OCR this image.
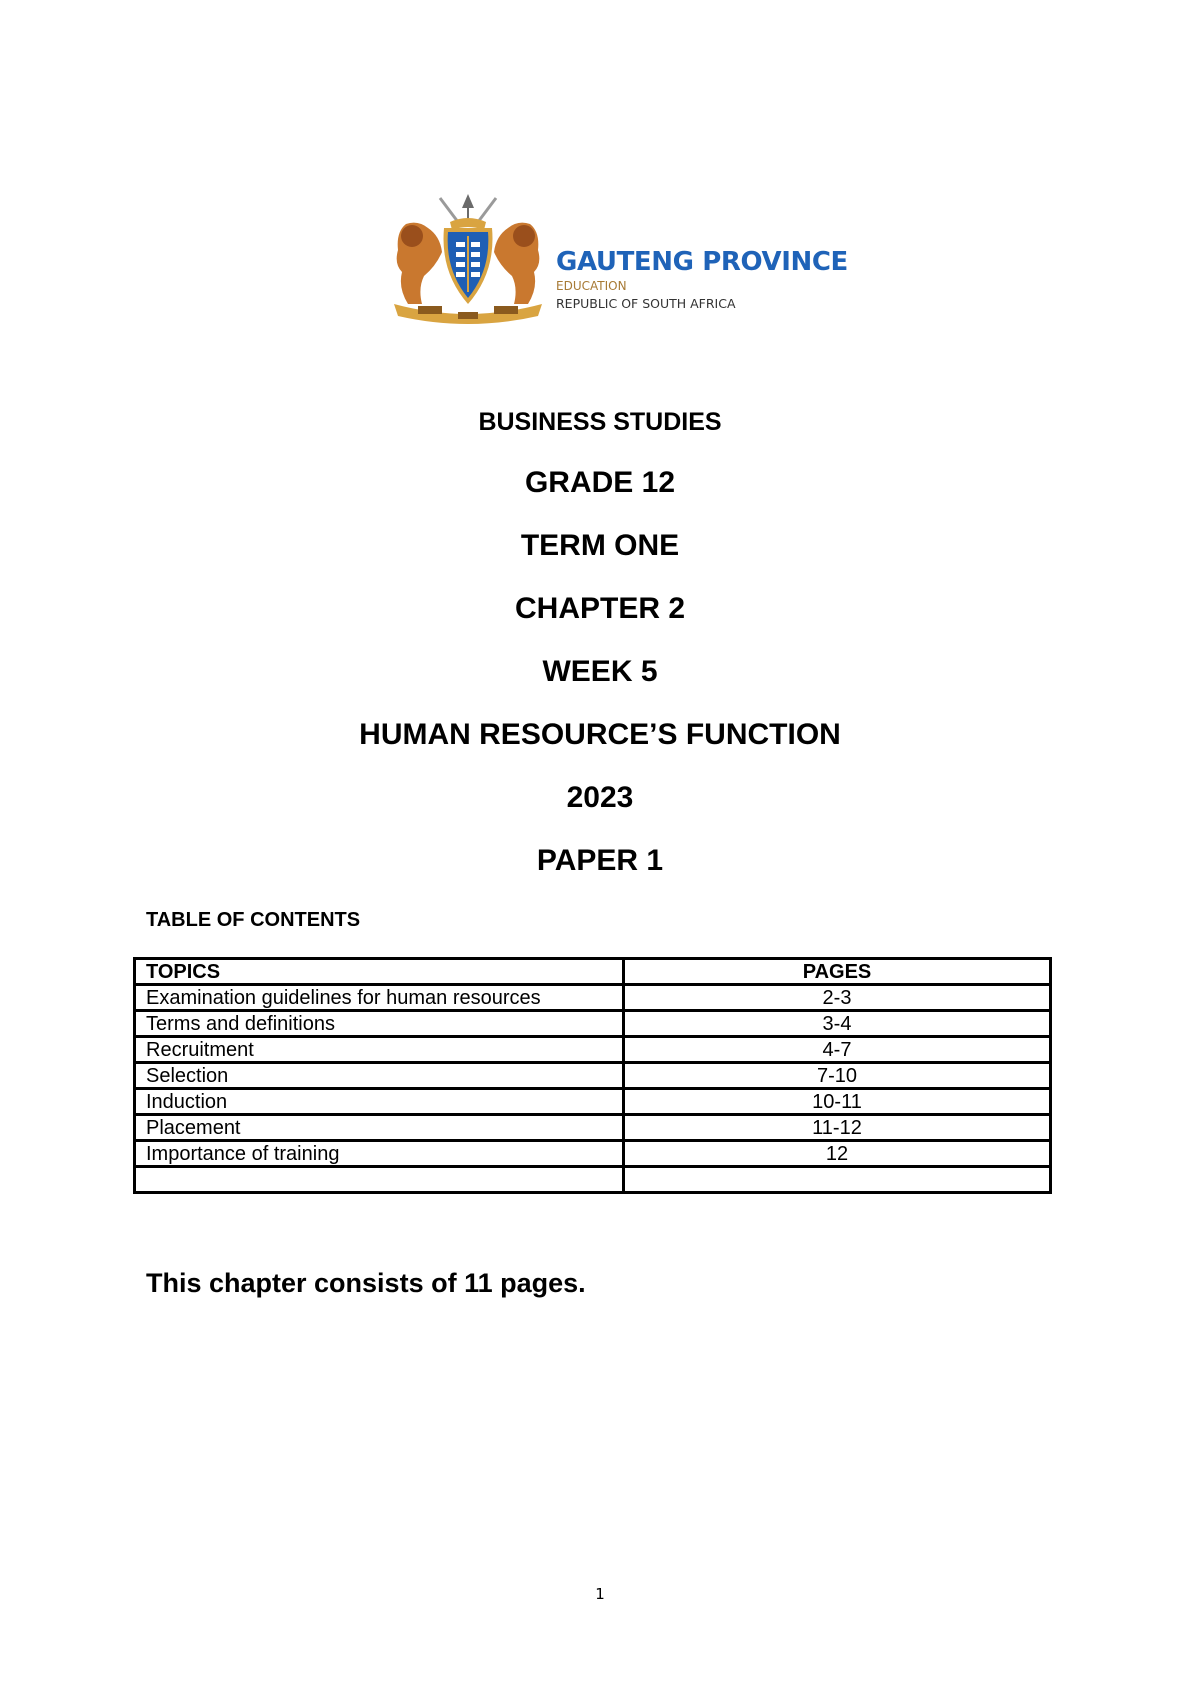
GAUTENG PROVINCE
EDUCATION
REPUBLIC OF SOUTH AFRICA
BUSINESS STUDIES
GRADE 12
TERM ONE
CHAPTER 2
WEEK 5
HUMAN RESOURCE’S FUNCTION
2023
PAPER 1
TABLE OF CONTENTS
TOPICS	PAGES
Examination guidelines for human resources	2-3
Terms and definitions	3-4
Recruitment	4-7
Selection	7-10
Induction	10-11
Placement	11-12
Importance of training	12

This chapter consists of 11 pages.
1
